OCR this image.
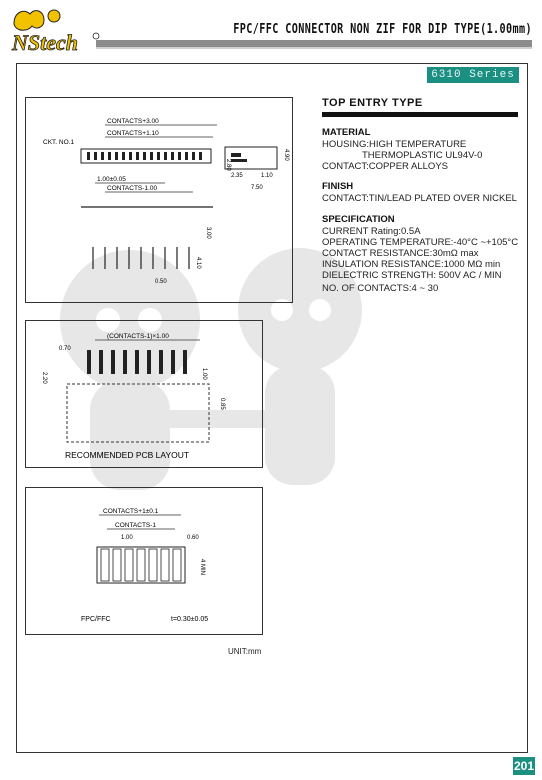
NStech
FPC/FFC CONNECTOR NON ZIF FOR DIP TYPE(1.00mm)
6310 Series
CONTACTS+3.00
CONTACTS+1.10
CKT. NO.1
1.00±0.05
CONTACTS-1.00
2.80
2.35	1.10
7.50
4.90
3.00
4.10
0.50
(CONTACTS-1)×1.00
0.70
2.20	1.00
0.85
RECOMMENDED PCB LAYOUT
CONTACTS+1±0.1
CONTACTS-1
1.00	0.60
4 MIN
FPC/FFC	t=0.30±0.05
UNIT:mm
TOP ENTRY TYPE
MATERIAL
HOUSING:HIGH TEMPERATURE
THERMOPLASTIC UL94V-0
CONTACT:COPPER ALLOYS
FINISH
CONTACT:TIN/LEAD PLATED OVER NICKEL
SPECIFICATION
CURRENT Rating:0.5A
OPERATING TEMPERATURE:-40°C ~+105°C
CONTACT RESISTANCE:30mΩ max
INSULATION RESISTANCE:1000 MΩ min
DIELECTRIC STRENGTH: 500V AC / MIN
NO. OF CONTACTS:4 ~ 30
201
